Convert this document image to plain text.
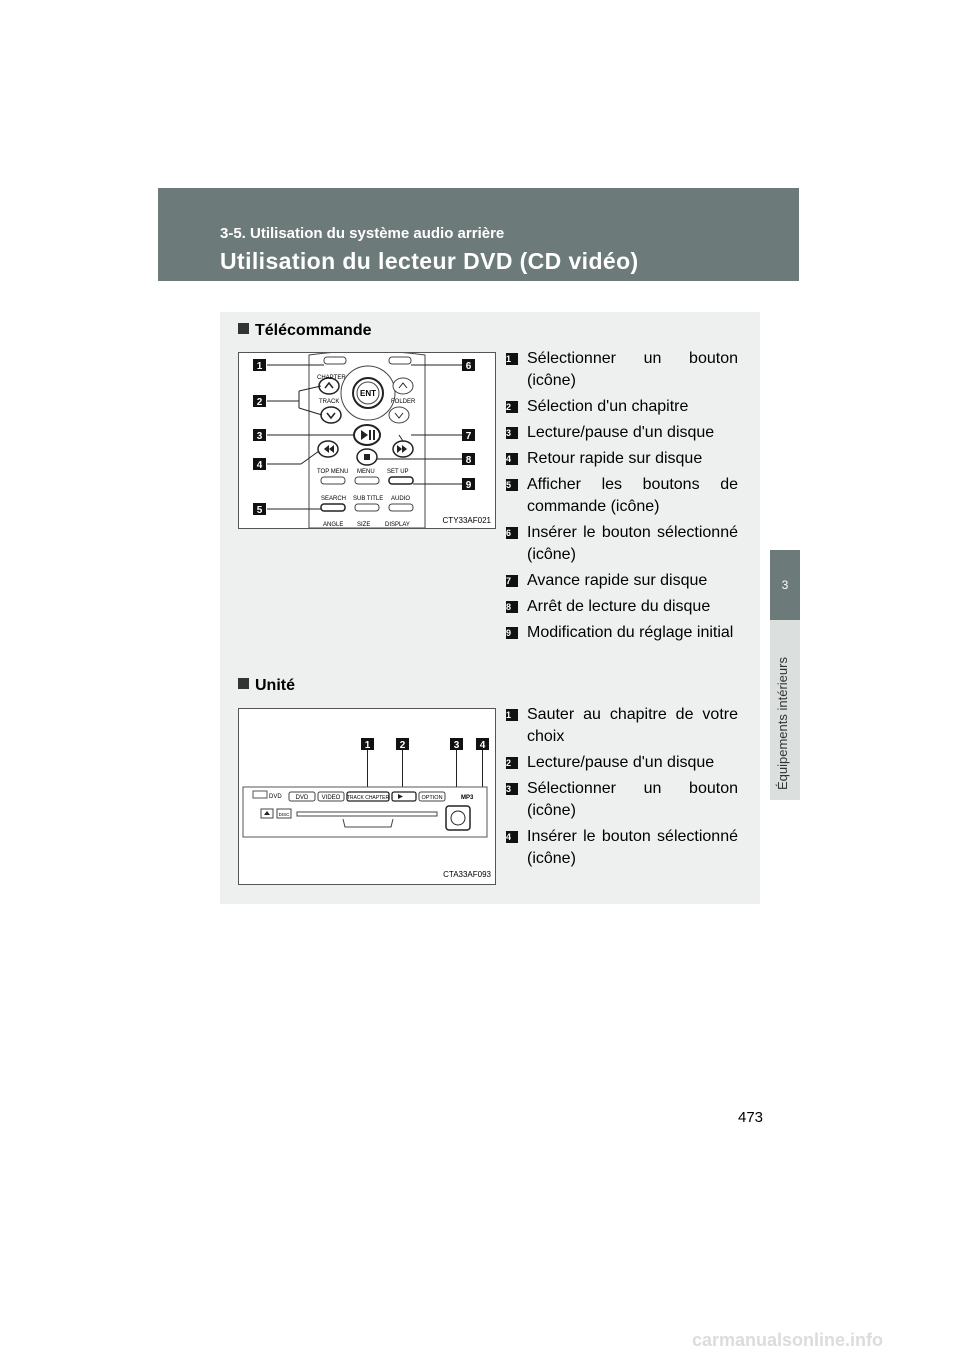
3-5. Utilisation du système audio arrière
Utilisation du lecteur DVD (CD vidéo)
3
Équipements intérieurs
Télécommande
ENT
CHAPTER
TRACK	FOLDER
TOP MENU MENU SET UP
SEARCH SUB TITLE AUDIO
ANGLE SIZE DISPLAY
1
2
3
4
5
6
7
8
9
CTY33AF021
1 Sélectionner un bouton (icône)
2 Sélection d'un chapitre
3 Lecture/pause d'un disque
4 Retour rapide sur disque
5 Afficher les boutons de commande (icône)
6 Insérer le bouton sélectionné (icône)
7 Avance rapide sur disque
8 Arrêt de lecture du disque
9 Modification du réglage initial
Unité
1	2	3 4
DVD DVD VIDEO TRACK CHAPTER	OPTION	MP3
DISC
CTA33AF093
1 Sauter au chapitre de votre choix
2 Lecture/pause d'un disque
3 Sélectionner un bouton (icône)
4 Insérer le bouton sélectionné (icône)
473
carmanualsonline.info
